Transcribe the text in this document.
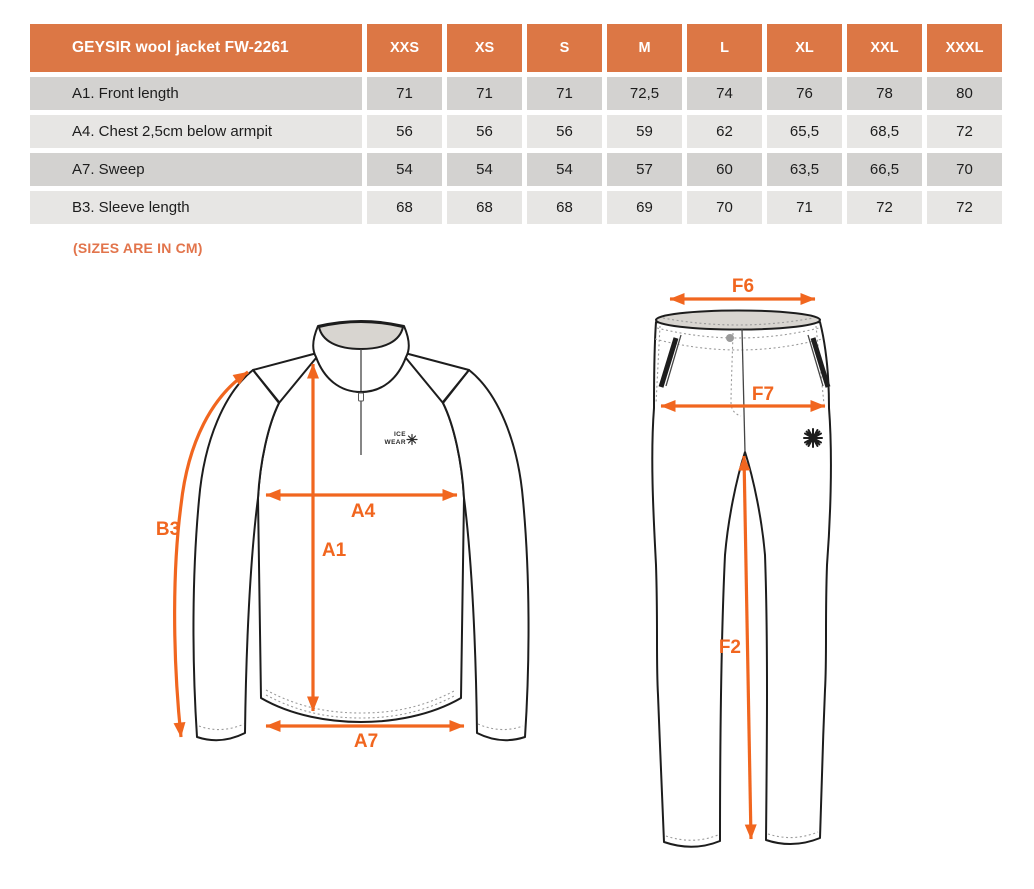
GEYSIR wool jacket FW-2261	XXS	XS	S	M	L	XL	XXL	XXXL
A1. Front length	71	71	71	72,5	74	76	78	80
A4. Chest 2,5cm below armpit	56	56	56	59	62	65,5	68,5	72
A7. Sweep	54	54	54	57	60	63,5	66,5	70
B3. Sleeve length	68	68	68	69	70	71	72	72
(SIZES ARE IN CM)
ICE
WEAR
B3
A4
A1
A7
F6
F7
F2
